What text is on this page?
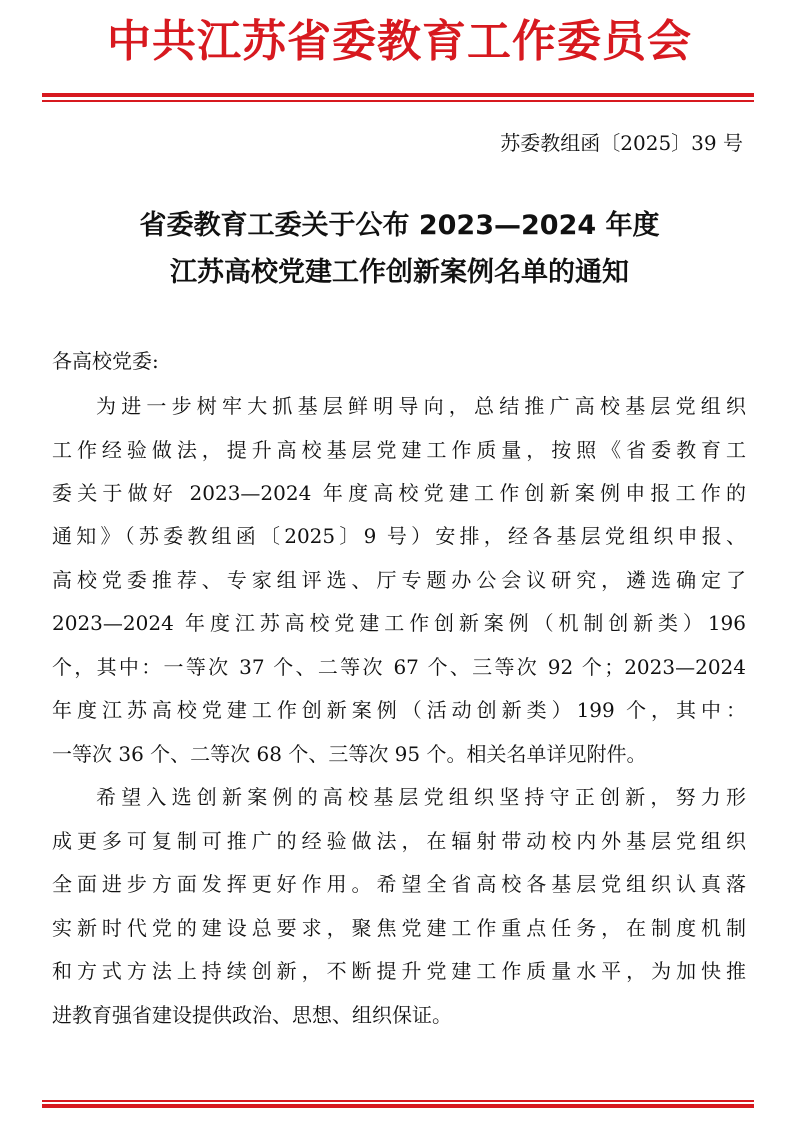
中共江苏省委教育工作委员会
苏委教组函〔2025〕39 号
省委教育工委关于公布 2023—2024 年度
江苏高校党建工作创新案例名单的通知
各高校党委:
为进一步树牢大抓基层鲜明导向，总结推广高校基层党组织
工作经验做法，提升高校基层党建工作质量，按照《省委教育工
委关于做好 2023—2024 年度高校党建工作创新案例申报工作的
通知》（苏委教组函〔2025〕9 号）安排，经各基层党组织申报、
高校党委推荐、专家组评选、厅专题办公会议研究，遴选确定了
2023—2024 年度江苏高校党建工作创新案例（机制创新类）196
个，其中：一等次 37 个、二等次 67 个、三等次 92 个；2023—2024
年度江苏高校党建工作创新案例（活动创新类）199 个，其中：
一等次 36 个、二等次 68 个、三等次 95 个。相关名单详见附件。
希望入选创新案例的高校基层党组织坚持守正创新，努力形
成更多可复制可推广的经验做法，在辐射带动校内外基层党组织
全面进步方面发挥更好作用。希望全省高校各基层党组织认真落
实新时代党的建设总要求，聚焦党建工作重点任务，在制度机制
和方式方法上持续创新，不断提升党建工作质量水平，为加快推
进教育强省建设提供政治、思想、组织保证。
